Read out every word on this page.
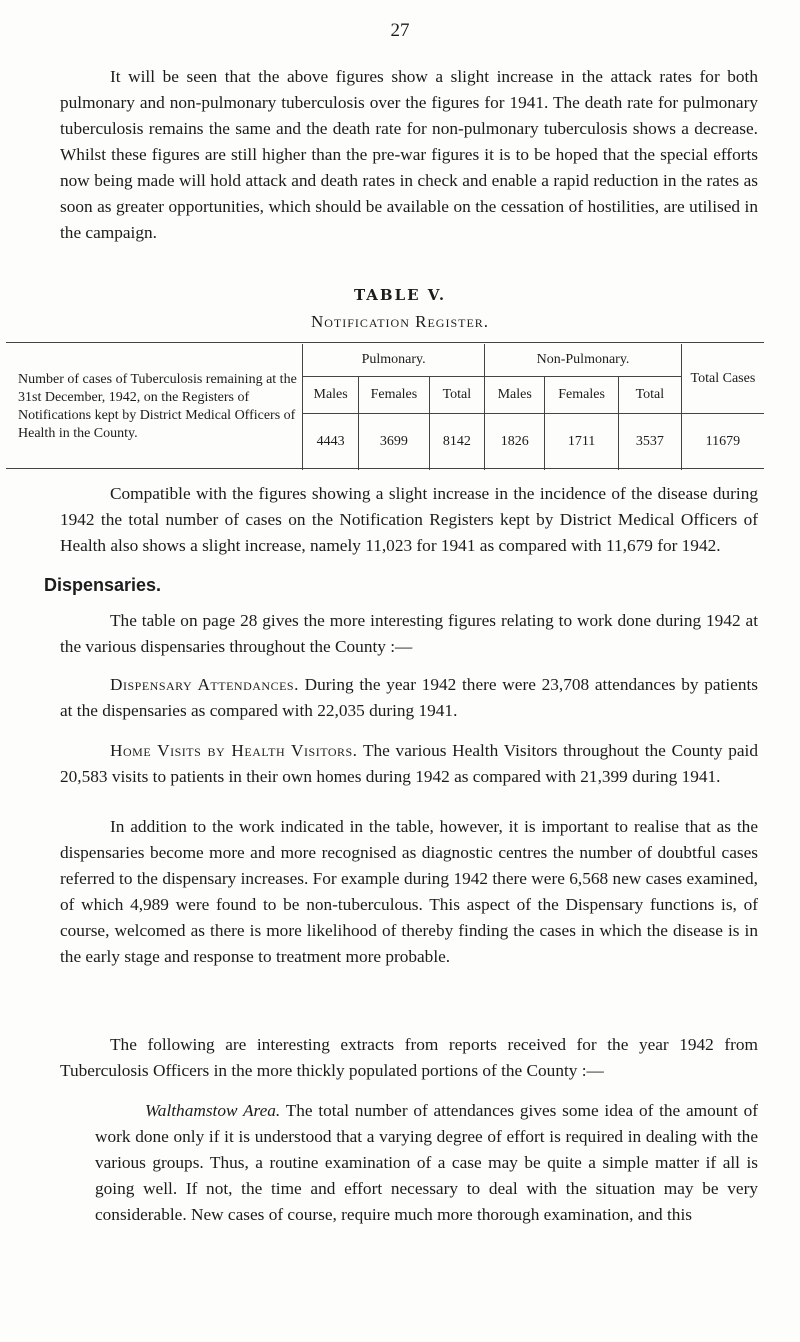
27

It will be seen that the above figures show a slight increase in the attack rates for both pulmonary and non-pulmonary tuberculosis over the figures for 1941. The death rate for pulmonary tuberculosis remains the same and the death rate for non-pulmonary tuberculosis shows a decrease. Whilst these figures are still higher than the pre-war figures it is to be hoped that the special efforts now being made will hold attack and death rates in check and enable a rapid reduction in the rates as soon as greater opportunities, which should be available on the cessation of hostilities, are utilised in the campaign.

TABLE V.
Notification Register.
Number of cases of Tuberculosis remaining at the 31st December, 1942, on the Registers of Notifications kept by District Medical Officers of Health in the County.	Pulmonary.			Non-Pulmonary.			Total Cases
	Males	Females	Total	Males	Females	Total	
	4443	3699	8142	1826	1711	3537	11679

Compatible with the figures showing a slight increase in the incidence of the disease during 1942 the total number of cases on the Notification Registers kept by District Medical Officers of Health also shows a slight increase, namely 11,023 for 1941 as compared with 11,679 for 1942.

Dispensaries.

The table on page 28 gives the more interesting figures relating to work done during 1942 at the various dispensaries throughout the County :—

Dispensary Attendances. During the year 1942 there were 23,708 attendances by patients at the dispensaries as compared with 22,035 during 1941.

Home Visits by Health Visitors. The various Health Visitors throughout the County paid 20,583 visits to patients in their own homes during 1942 as compared with 21,399 during 1941.

In addition to the work indicated in the table, however, it is important to realise that as the dispensaries become more and more recognised as diagnostic centres the number of doubtful cases referred to the dispensary increases. For example during 1942 there were 6,568 new cases examined, of which 4,989 were found to be non-tuberculous. This aspect of the Dispensary functions is, of course, welcomed as there is more likelihood of thereby finding the cases in which the disease is in the early stage and response to treatment more probable.

The following are interesting extracts from reports received for the year 1942 from Tuberculosis Officers in the more thickly populated portions of the County :—

Walthamstow Area. The total number of attendances gives some idea of the amount of work done only if it is understood that a varying degree of effort is required in dealing with the various groups. Thus, a routine examination of a case may be quite a simple matter if all is going well. If not, the time and effort necessary to deal with the situation may be very considerable. New cases of course, require much more thorough examination, and this
